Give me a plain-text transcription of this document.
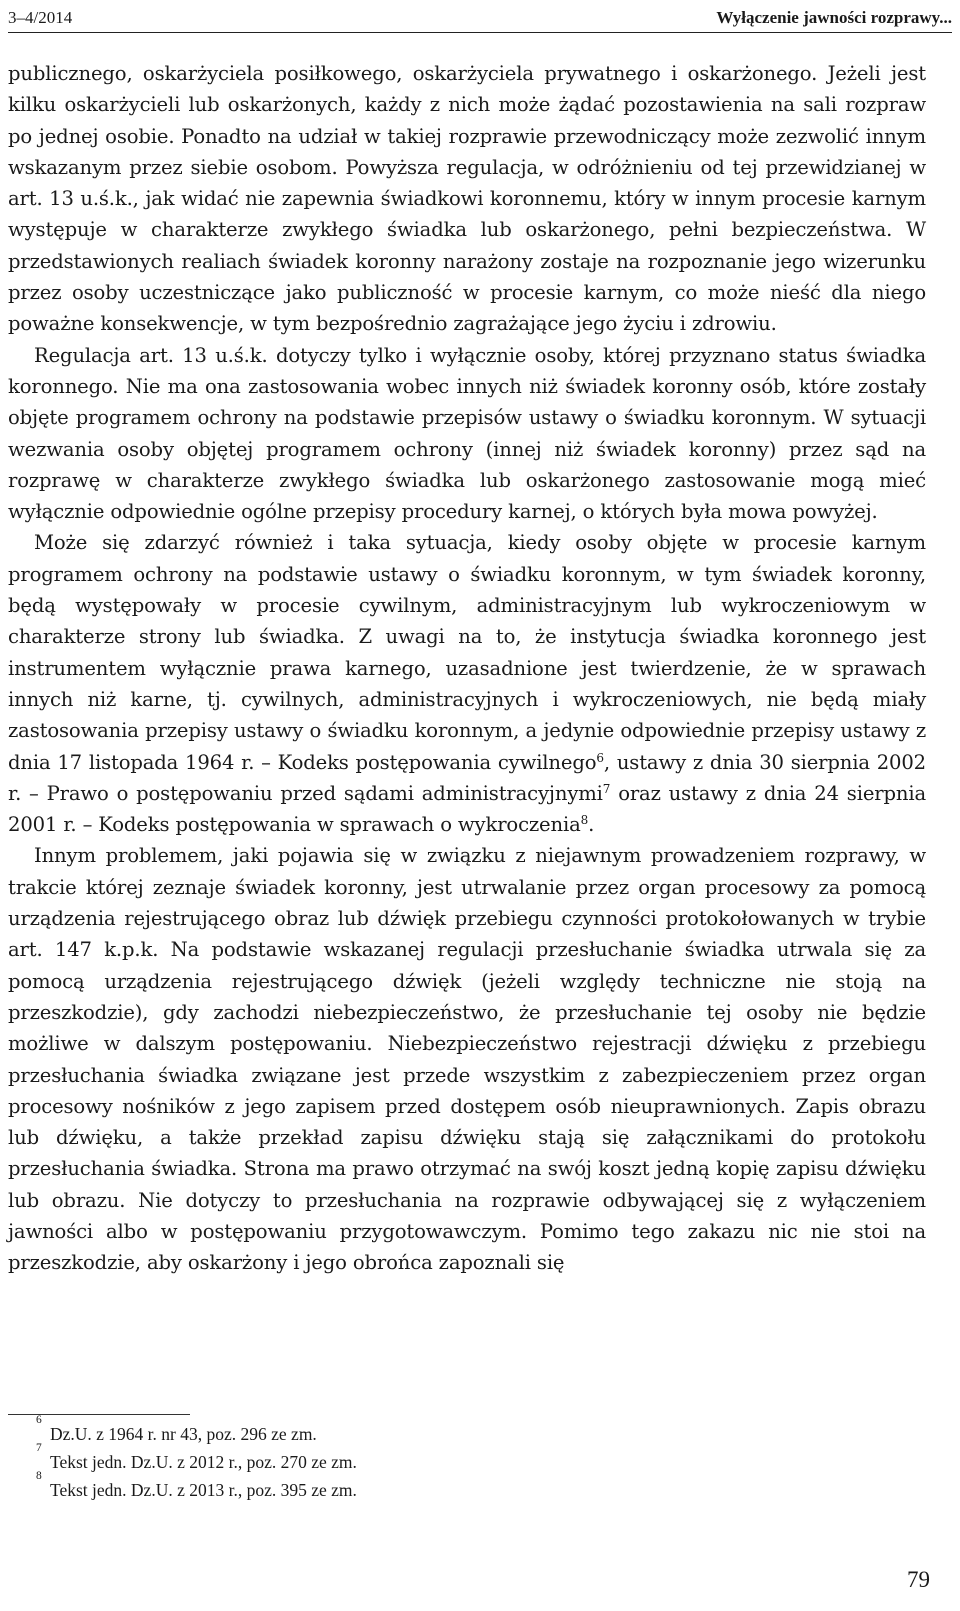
3–4/2014	Wyłączenie jawności rozprawy...

publicznego, oskarżyciela posiłkowego, oskarżyciela prywatnego i oskarżonego. Jeżeli jest kilku oskarżycieli lub oskarżonych, każdy z nich może żądać pozostawienia na sali rozpraw po jednej osobie. Ponadto na udział w takiej rozprawie przewodniczący może zezwolić innym wskazanym przez siebie osobom. Powyższa regulacja, w odróżnieniu od tej przewidzianej w art. 13 u.ś.k., jak widać nie zapewnia świadkowi koronnemu, który w innym procesie karnym występuje w charakterze zwykłego świadka lub oskarżonego, pełni bezpieczeństwa. W przedstawionych realiach świadek koronny narażony zostaje na rozpoznanie jego wizerunku przez osoby uczestniczące jako publiczność w procesie karnym, co może nieść dla niego poważne konsekwencje, w tym bezpośrednio zagrażające jego życiu i zdrowiu.

Regulacja art. 13 u.ś.k. dotyczy tylko i wyłącznie osoby, której przyznano status świadka koronnego. Nie ma ona zastosowania wobec innych niż świadek koronny osób, które zostały objęte programem ochrony na podstawie przepisów ustawy o świadku koronnym. W sytuacji wezwania osoby objętej programem ochrony (innej niż świadek koronny) przez sąd na rozprawę w charakterze zwykłego świadka lub oskarżonego zastosowanie mogą mieć wyłącznie odpowiednie ogólne przepisy procedury karnej, o których była mowa powyżej.

Może się zdarzyć również i taka sytuacja, kiedy osoby objęte w procesie karnym programem ochrony na podstawie ustawy o świadku koronnym, w tym świadek koronny, będą występowały w procesie cywilnym, administracyjnym lub wykroczeniowym w charakterze strony lub świadka. Z uwagi na to, że instytucja świadka koronnego jest instrumentem wyłącznie prawa karnego, uzasadnione jest twierdzenie, że w sprawach innych niż karne, tj. cywilnych, administracyjnych i wykroczeniowych, nie będą miały zastosowania przepisy ustawy o świadku koronnym, a jedynie odpowiednie przepisy ustawy z dnia 17 listopada 1964 r. – Kodeks postępowania cywilnego$^6$, ustawy z dnia 30 sierpnia 2002 r. – Prawo o postępowaniu przed sądami administracyjnymi$^7$ oraz ustawy z dnia 24 sierpnia 2001 r. – Kodeks postępowania w sprawach o wykroczenia$^8$.

Innym problemem, jaki pojawia się w związku z niejawnym prowadzeniem rozprawy, w trakcie której zeznaje świadek koronny, jest utrwalanie przez organ procesowy za pomocą urządzenia rejestrującego obraz lub dźwięk przebiegu czynności protokołowanych w trybie art. 147 k.p.k. Na podstawie wskazanej regulacji przesłuchanie świadka utrwala się za pomocą urządzenia rejestrującego dźwięk (jeżeli względy techniczne nie stoją na przeszkodzie), gdy zachodzi niebezpieczeństwo, że przesłuchanie tej osoby nie będzie możliwe w dalszym postępowaniu. Niebezpieczeństwo rejestracji dźwięku z przebiegu przesłuchania świadka związane jest przede wszystkim z zabezpieczeniem przez organ procesowy nośników z jego zapisem przed dostępem osób nieuprawnionych. Zapis obrazu lub dźwięku, a także przekład zapisu dźwięku stają się załącznikami do protokołu przesłuchania świadka. Strona ma prawo otrzymać na swój koszt jedną kopię zapisu dźwięku lub obrazu. Nie dotyczy to przesłuchania na rozprawie odbywającej się z wyłączeniem jawności albo w postępowaniu przygotowawczym. Pomimo tego zakazu nic nie stoi na przeszkodzie, aby oskarżony i jego obrońca zapoznali się

6
Dz.U. z 1964 r. nr 43, poz. 296 ze zm.
7
Tekst jedn. Dz.U. z 2012 r., poz. 270 ze zm.
8
Tekst jedn. Dz.U. z 2013 r., poz. 395 ze zm.
79
